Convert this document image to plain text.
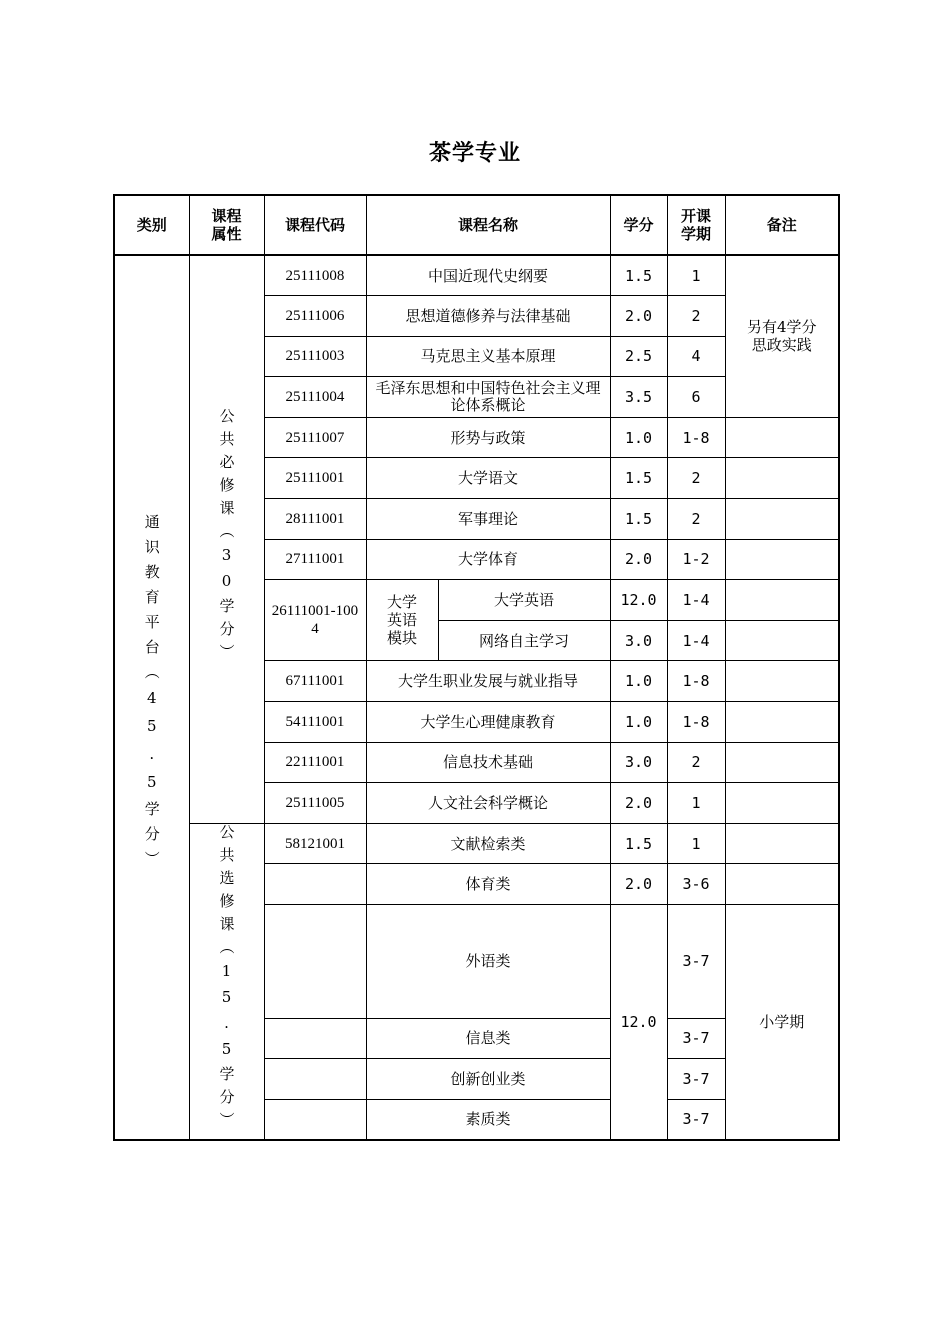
茶学专业
类别	课程属性	课程代码	课程名称		学分	开课学期	备注
通识教育平台（45.5学分）	公共必修课（30学分）	25111008	中国近现代史纲要		1.5	1	另有4学分思政实践

		25111006	思想道德修养与法律基础		2.0	2	
		25111003	马克思主义基本原理		2.5	4	
		25111004	毛泽东思想和中国特色社会主义理论体系概论		3.5	6	
		25111007	形势与政策		1.0	1-8	
		25111001	大学语文		1.5	2	
		28111001	军事理论		1.5	2	
		27111001	大学体育		2.0	1-2	

		26111001-1004	大学英语模块	大学英语	12.0	1-4	
				网络自主学习	3.0	1-4	
		67111001	大学生职业发展与就业指导		1.0	1-8	
		54111001	大学生心理健康教育		1.0	1-8	
		22111001	信息技术基础		3.0	2	
		25111005	人文社会科学概论		2.0	1	
	公共选修课（15.5学分）	58121001	文献检索类		1.5	1	
			体育类		2.0	3-6	
			外语类		12.0	3-7	小学期
			信息类			3-7	
			创新创业类			3-7	
			素质类			3-7	
